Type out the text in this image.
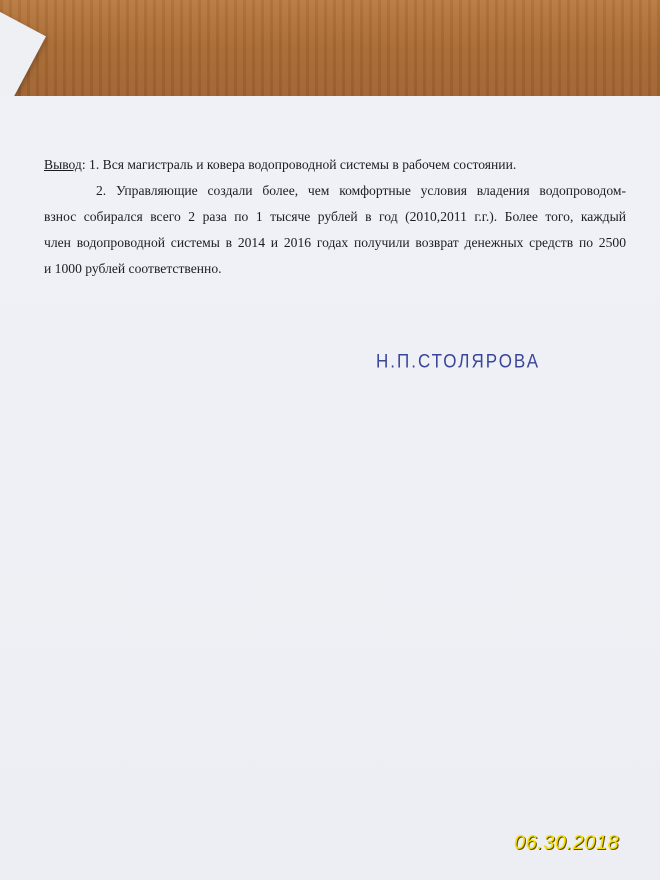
Вывод: 1. Вся магистраль и ковера водопроводной системы в рабочем состоянии.
2. Управляющие создали более, чем комфортные условия владения водопроводом-
взнос собирался всего 2 раза по 1 тысяче рублей в год (2010,2011 г.г.). Более того, каждый
член водопроводной системы в 2014 и 2016 годах получили возврат денежных средств по 2500
и 1000 рублей соответственно.
Н.П.СТОЛЯРОВА
06.30.2018
